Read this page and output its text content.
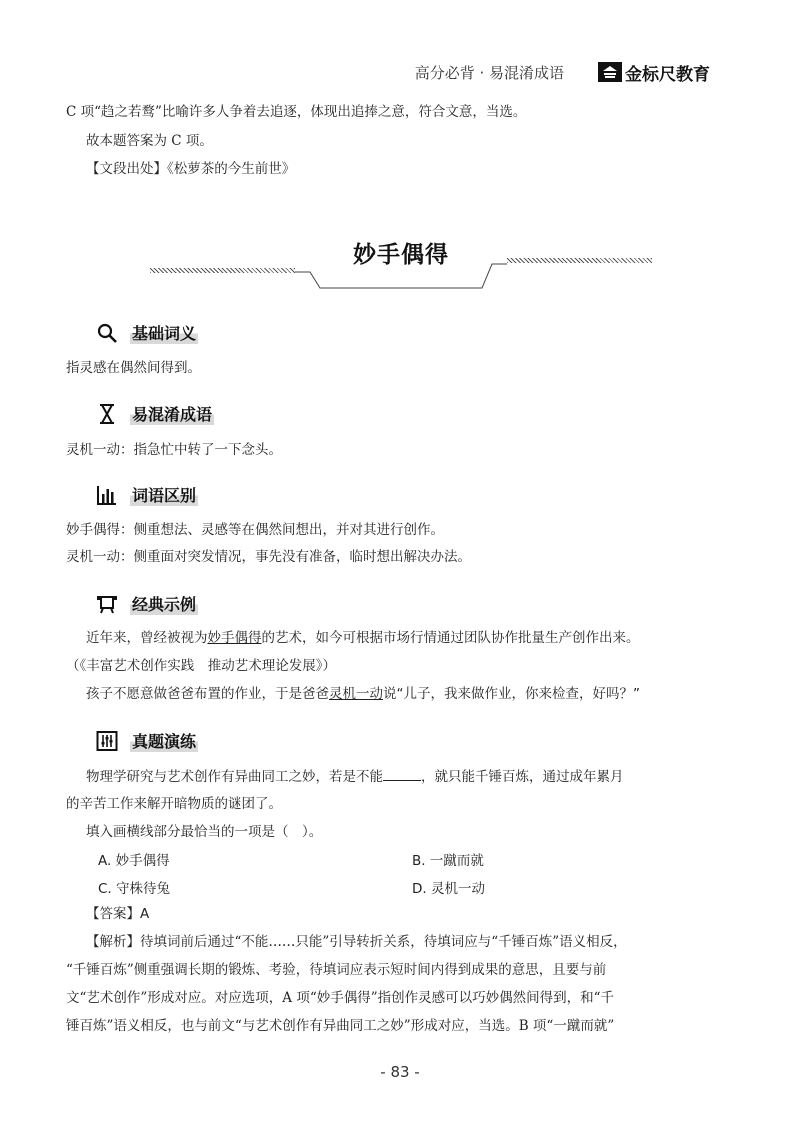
高分必背 · 易混淆成语	金标尺教育
C 项“趋之若鹜”比喻许多人争着去追逐，体现出追捧之意，符合文意，当选。
故本题答案为 C 项。
【文段出处】《松萝茶的今生前世》
妙手偶得
基础词义
指灵感在偶然间得到。
易混淆成语
灵机一动：指急忙中转了一下念头。
词语区别
妙手偶得：侧重想法、灵感等在偶然间想出，并对其进行创作。
灵机一动：侧重面对突发情况，事先没有准备，临时想出解决办法。
经典示例
近年来，曾经被视为妙手偶得的艺术，如今可根据市场行情通过团队协作批量生产创作出来。
（《丰富艺术创作实践　推动艺术理论发展》）
孩子不愿意做爸爸布置的作业，于是爸爸灵机一动说“儿子，我来做作业，你来检查，好吗？”
真题演练
物理学研究与艺术创作有异曲同工之妙，若是不能	，就只能千锤百炼，通过成年累月
的辛苦工作来解开暗物质的谜团了。
填入画横线部分最恰当的一项是（　）。
A. 妙手偶得	B. 一蹴而就
C. 守株待兔	D. 灵机一动
【答案】A
【解析】待填词前后通过“不能……只能”引导转折关系，待填词应与“千锤百炼”语义相反，
“千锤百炼”侧重强调长期的锻炼、考验，待填词应表示短时间内得到成果的意思，且要与前
文“艺术创作”形成对应。对应选项，A 项“妙手偶得”指创作灵感可以巧妙偶然间得到，和“千
锤百炼”语义相反，也与前文“与艺术创作有异曲同工之妙”形成对应，当选。B 项“一蹴而就”
- 83 -
